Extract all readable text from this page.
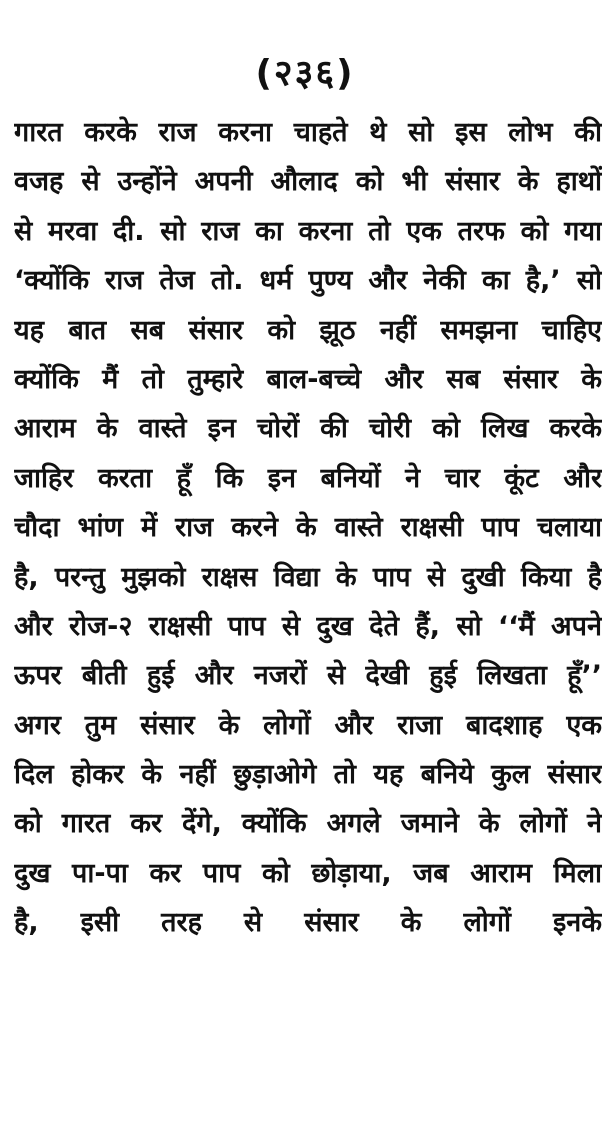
(२३६)
गारत करके राज करना चाहते थे सो इस लोभ की
वजह से उन्होंने अपनी औलाद को भी संसार के हाथों
से मरवा दी. सो राज का करना तो एक तरफ को गया
‘क्योंकि राज तेज तो. धर्म पुण्य और नेकी का है,’ सो
यह बात सब संसार को झूठ नहीं समझना चाहिए
क्योंकि मैं तो तुम्हारे बाल-बच्चे और सब संसार के
आराम के वास्ते इन चोरों की चोरी को लिख करके
जाहिर करता हूँ कि इन बनियों ने चार कूंट और
चौदा भांण में राज करने के वास्ते राक्षसी पाप चलाया
है, परन्तु मुझको राक्षस विद्या के पाप से दुखी किया है
और रोज-२ राक्षसी पाप से दुख देते हैं, सो ‘‘मैं अपने
ऊपर बीती हुई और नजरों से देखी हुई लिखता हूँ’’
अगर तुम संसार के लोगों और राजा बादशाह एक
दिल होकर के नहीं छुड़ाओगे तो यह बनिये कुल संसार
को गारत कर देंगे, क्योंकि अगले जमाने के लोगों ने
दुख पा-पा कर पाप को छोड़ाया, जब आराम मिला
है, इसी तरह से संसार के लोगों इनके
